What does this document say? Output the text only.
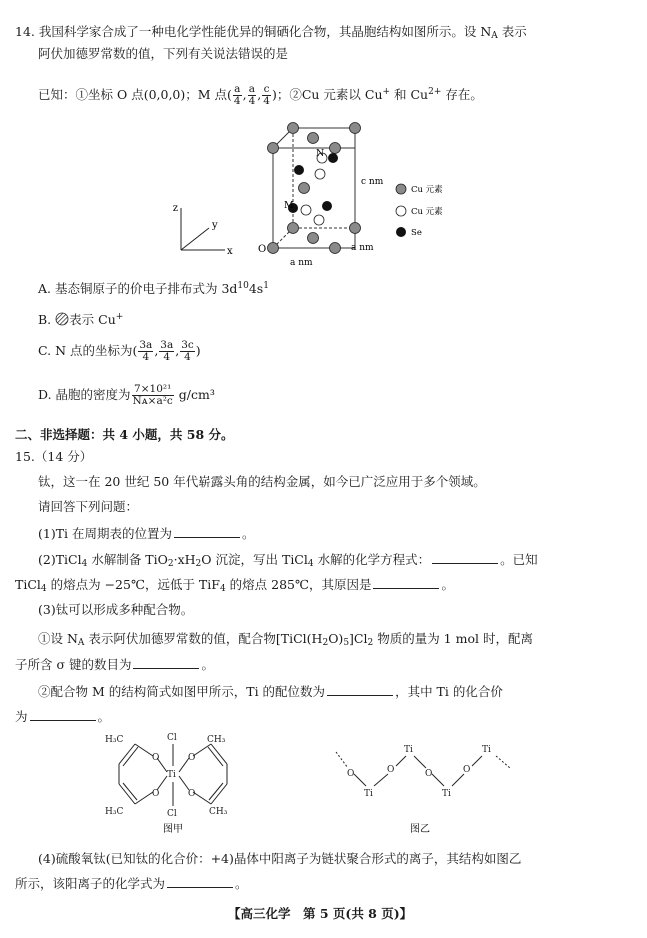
14. 我国科学家合成了一种电化学性能优异的铜硒化合物，其晶胞结构如图所示。设 $N_A$ 表示
阿伏加德罗常数的值，下列有关说法错误的是
已知：①坐标 O 点(0,0,0)；M 点( $\frac{a}{4}$ , $\frac{a}{4}$ , $\frac{c}{4}$ )；②Cu 元素以 Cu+ 和 $Cu^{2+}$ 存在。
z
y
x
N
M
O
c nm
a nm
a nm
Cu 元素
Cu 元素
Se
A. 基态铜原子的价电子排布式为 $3d^{10}4s^1$
B. 表示 Cu+
C. N 点的坐标为( $\frac{3a}{4}$ , $\frac{3a}{4}$ , $\frac{3c}{4}$ )
D. 晶胞的密度为 $\frac{\text{7×10²¹}}{\text{Nᴀ×a²c}} g/cm^3$
二、非选择题：共 4 小题，共 58 分。
15.（14 分）
钛，这一在 20 世纪 50 年代崭露头角的结构金属，如今已广泛应用于多个领域。
请回答下列问题：
(1)Ti 在周期表的位置为	。
(2)TiCl$_4$ 水解制备 $TiO_2\cdot xH_2O$ 沉淀，写出 TiCl$_4$ 水解的化学方程式：	。已知
TiCl$_4$ 的熔点为 −25℃，远低于 TiF$_4$ 的熔点 285℃，其原因是	。
(3)钛可以形成多种配合物。
①设 $N_A$ 表示阿伏加德罗常数的值，配合物$[TiCl(H_2O)_5]Cl_2$ 物质的量为 1 mol 时，配离
子所含 σ 键的数目为	。
②配合物 M 的结构简式如图甲所示，Ti 的配位数为	，其中 Ti 的化合价
为	。
H₃C
H₃C
CH₃
CH₃
O	O
O	O
Ti
Cl
Cl
图甲
O
Ti
O
Ti
O
Ti
O
Ti
图乙
(4)硫酸氧钛(已知钛的化合价：+4)晶体中阳离子为链状聚合形式的离子，其结构如图乙
所示，该阳离子的化学式为	。
【高三化学　第 5 页(共 8 页)】
